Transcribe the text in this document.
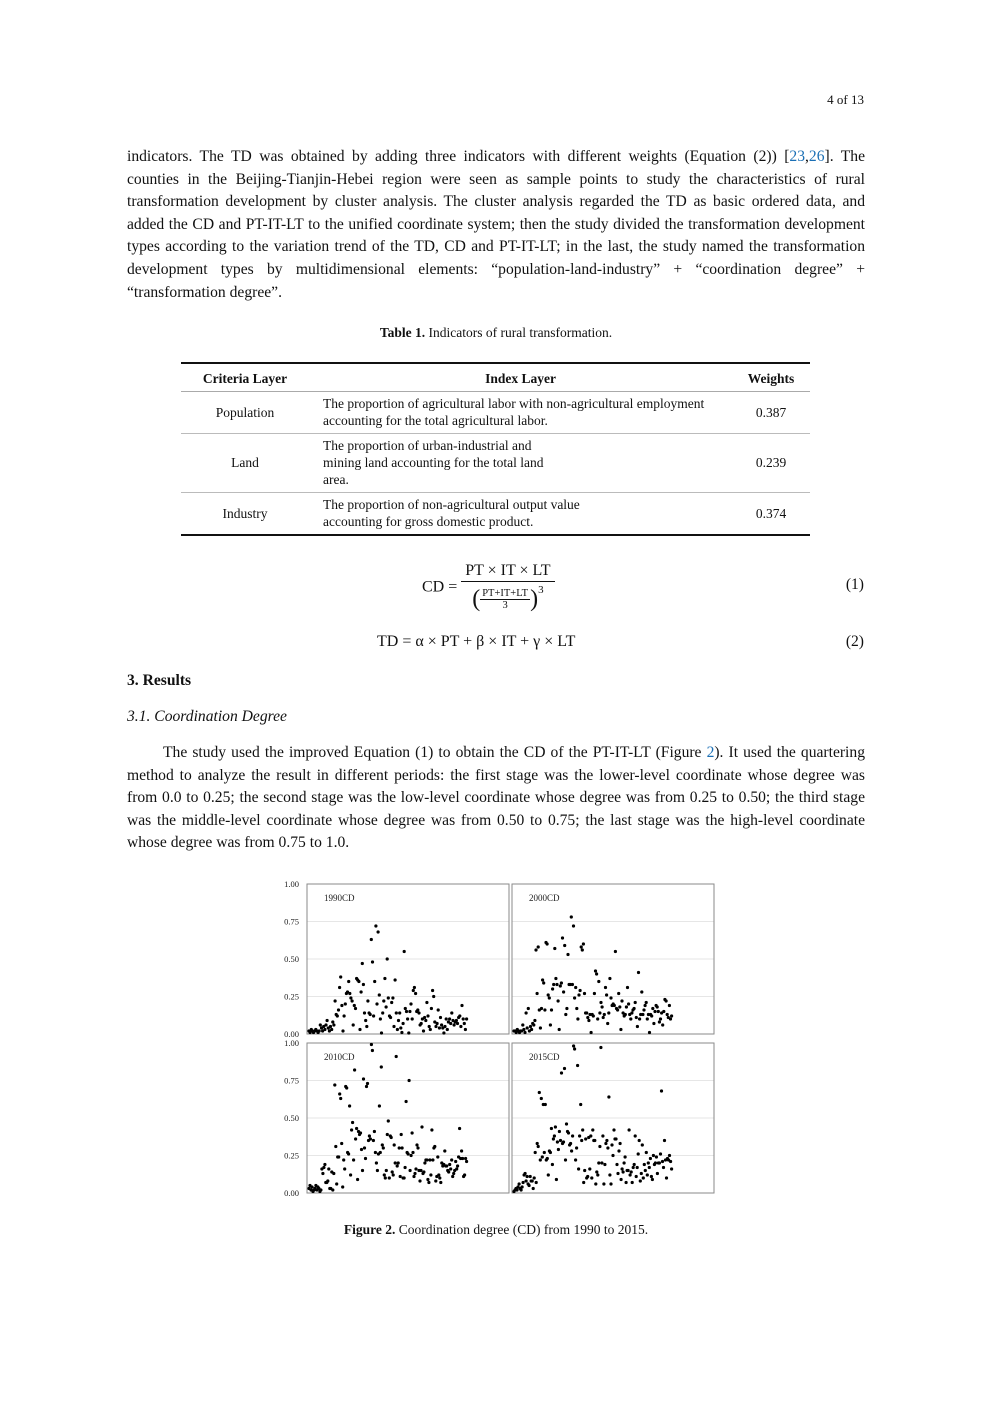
4 of 13
indicators. The TD was obtained by adding three indicators with different weights (Equation (2)) [23,26]. The counties in the Beijing-Tianjin-Hebei region were seen as sample points to study the characteristics of rural transformation development by cluster analysis. The cluster analysis regarded the TD as basic ordered data, and added the CD and PT-IT-LT to the unified coordinate system; then the study divided the transformation development types according to the variation trend of the TD, CD and PT-IT-LT; in the last, the study named the transformation development types by multidimensional elements: “population-land-industry” + “coordination degree” + “transformation degree”.
Table 1. Indicators of rural transformation.
Criteria Layer	Index Layer	Weights
Population	The proportion of agricultural labor with non-agricultural employment accounting for the total agricultural labor.	0.387
Land	The proportion of urban-industrial and mining land accounting for the total land area.	0.239
Industry	The proportion of non-agricultural output value accounting for gross domestic product.	0.374
CD = $\frac{PT \times IT \times LT}{( \frac{PT+IT+LT}{3})^3}$	(1)
TD = α × PT + β × IT + γ × LT	(2)
3. Results
3.1. Coordination Degree
The study used the improved Equation (1) to obtain the CD of the PT-IT-LT (Figure 2). It used the quartering method to analyze the result in different periods: the first stage was the lower-level coordinate whose degree was from 0.0 to 0.25; the second stage was the low-level coordinate whose degree was from 0.25 to 0.50; the third stage was the middle-level coordinate whose degree was from 0.50 to 0.75; the last stage was the high-level coordinate whose degree was from 0.75 to 1.0.
0.00
0.25
0.50
0.75
1.00
0.00
0.25
0.50
0.75
1.00
1990CD	2000CD
2010CD	2015CD
Figure 2. Coordination degree (CD) from 1990 to 2015.
